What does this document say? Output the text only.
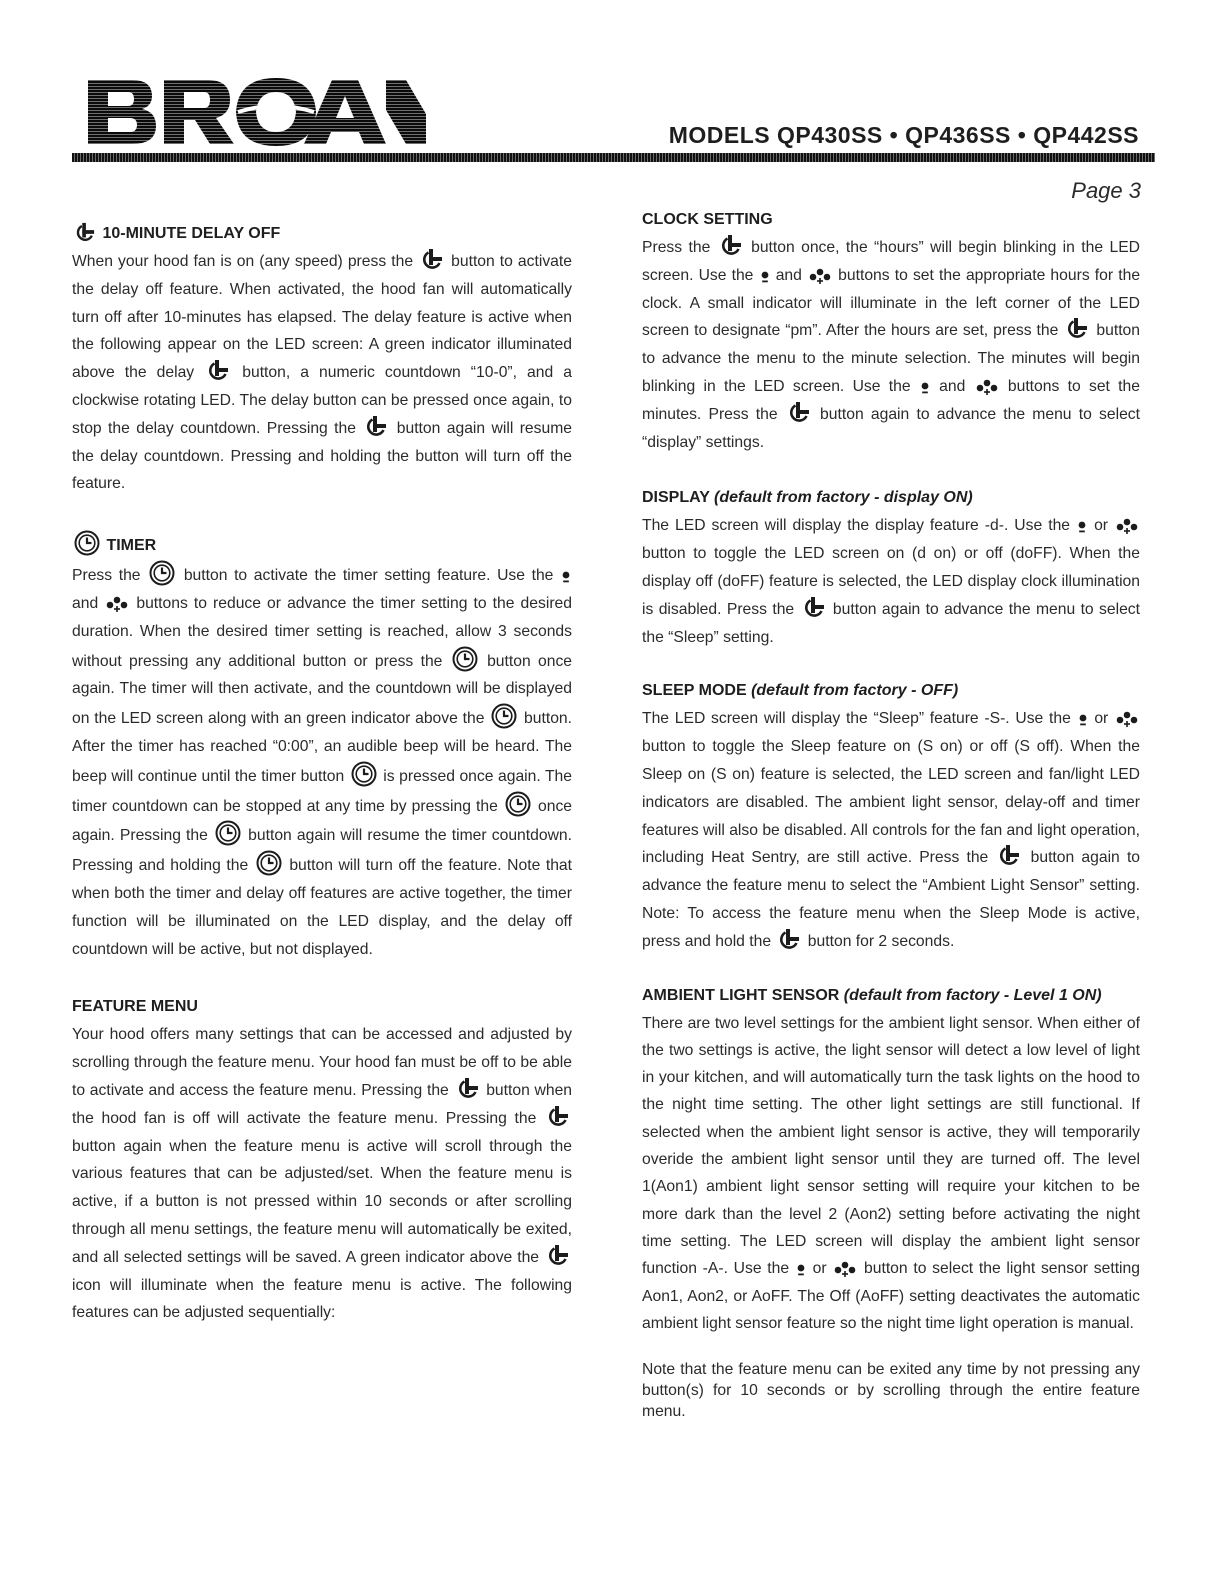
MODELS QP430SS • QP436SS • QP442SS
Page 3
10-MINUTE DELAY OFF

When your hood fan is on (any speed) press the button to activate the delay off feature. When activated, the hood fan will automatically turn off after 10-minutes has elapsed. The delay feature is active when the following appear on the LED screen: A green indicator illuminated above the delay	button, a numeric countdown “10-0”, and a clockwise rotating LED. The delay button can be pressed once again, to stop the delay countdown. Pressing the	button again will resume the delay countdown. Pressing and holding the button will turn off the feature.

TIMER

Press the	button to activate the timer setting feature. Use the
and buttons to reduce or advance the timer setting to the desired duration. When the desired timer setting is reached, allow 3 seconds without pressing any additional button or press the	button once again. The timer will then activate, and the countdown will be displayed on the LED screen along with an green indicator above the	button. After the timer has reached “0:00”, an audible beep will be heard. The beep will continue until the timer button is pressed once again. The timer countdown can be stopped at any time by pressing the	once again. Pressing the	button again will resume the timer countdown. Pressing and holding the	button will turn off the feature. Note that when both the timer and delay off features are active together, the timer function will be illuminated on the LED display, and the delay off countdown will be active, but not displayed.

FEATURE MENU

Your hood offers many settings that can be accessed and adjusted by scrolling through the feature menu. Your hood fan must be off to be able to activate and access the feature menu. Pressing the button when the hood fan is off will activate the feature menu. Pressing the
button again when the feature menu is active will scroll through the various features that can be adjusted/set. When the feature menu is active, if a button is not pressed within 10 seconds or after scrolling through all menu settings, the feature menu will automatically be exited, and all selected settings will be saved. A green indicator above the
icon will illuminate when the feature menu is active. The following features can be adjusted sequentially:

CLOCK SETTING

Press the	button once, the “hours” will begin blinking in the LED screen. Use the and buttons to set the appropriate hours for the clock. A small indicator will illuminate in the left corner of the LED screen to designate “pm”. After the hours are set, press the button to advance the menu to the minute selection. The minutes will begin blinking in the LED screen. Use the and	buttons to set the minutes. Press the	button again to advance the menu to select “display” settings.

DISPLAY (default from factory - display ON)

The LED screen will display the display feature -d-. Use the or
button to toggle the LED screen on (d on) or off (doFF). When the display off (doFF) feature is selected, the LED display clock illumination is disabled. Press the button again to advance the menu to select the “Sleep” setting.

SLEEP MODE (default from factory - OFF)

The LED screen will display the “Sleep” feature -S-. Use the or
button to toggle the Sleep feature on (S on) or off (S off). When the Sleep on (S on) feature is selected, the LED screen and fan/light LED indicators are disabled. The ambient light sensor, delay-off and timer features will also be disabled. All controls for the fan and light operation, including Heat Sentry, are still active. Press the	button again to advance the feature menu to select the “Ambient Light Sensor” setting. Note: To access the feature menu when the Sleep Mode is active, press and hold the button for 2 seconds.

AMBIENT LIGHT SENSOR (default from factory - Level 1 ON)

There are two level settings for the ambient light sensor. When either of the two settings is active, the light sensor will detect a low level of light in your kitchen, and will automatically turn the task lights on the hood to the night time setting. The other light settings are still functional. If selected when the ambient light sensor is active, they will temporarily overide the ambient light sensor until they are turned off. The level 1(Aon1) ambient light sensor setting will require your kitchen to be more dark than the level 2 (Aon2) setting before activating the night time setting. The LED screen will display the ambient light sensor function -A-. Use the or button to select the light sensor setting Aon1, Aon2, or AoFF. The Off (AoFF) setting deactivates the automatic ambient light sensor feature so the night time light operation is manual.

Note that the feature menu can be exited any time by not pressing any button(s) for 10 seconds or by scrolling through the entire feature menu.
